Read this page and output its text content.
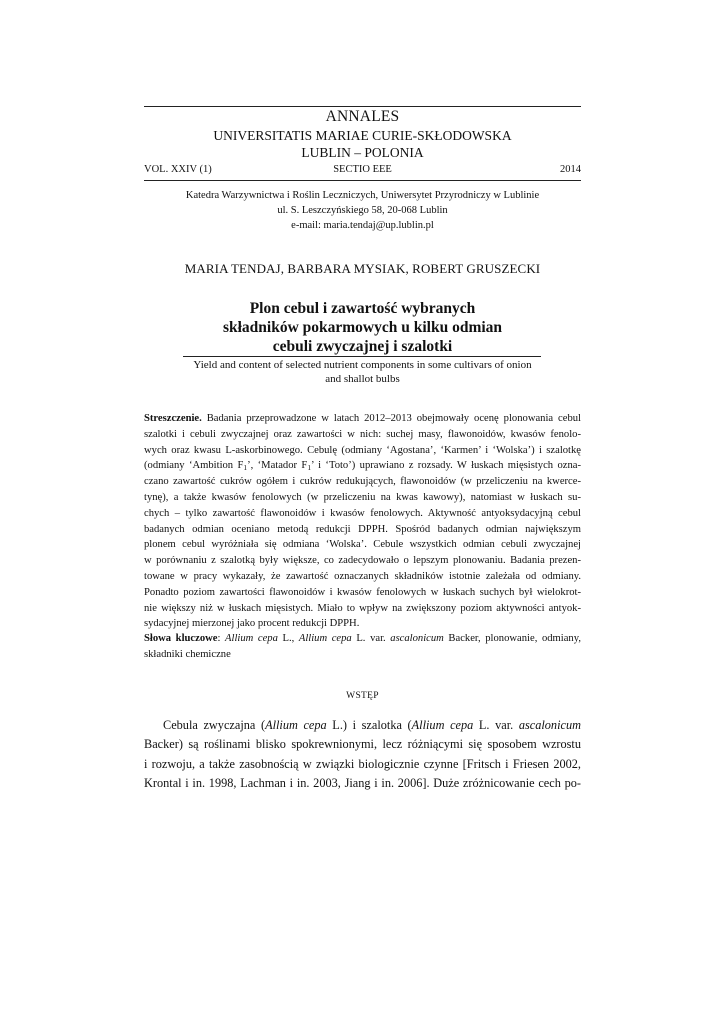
ANNALES
UNIVERSITATIS MARIAE CURIE-SKŁODOWSKA
LUBLIN – POLONIA
SECTIO EEE
VOL. XXIV (1)	2014
Katedra Warzywnictwa i Roślin Leczniczych, Uniwersytet Przyrodniczy w Lublinie
ul. S. Leszczyńskiego 58, 20-068 Lublin
e-mail: maria.tendaj@up.lublin.pl
MARIA TENDAJ, BARBARA MYSIAK, ROBERT GRUSZECKI
Plon cebul i zawartość wybranych
składników pokarmowych u kilku odmian
cebuli zwyczajnej i szalotki
Yield and content of selected nutrient components in some cultivars of onion
and shallot bulbs
Streszczenie. Badania przeprowadzone w latach 2012–2013 obejmowały ocenę plonowania cebul
szalotki i cebuli zwyczajnej oraz zawartości w nich: suchej masy, flawonoidów, kwasów fenolo-
wych oraz kwasu L-askorbinowego. Cebulę (odmiany ‘Agostana’, ‘Karmen’ i ‘Wolska’) i szalotkę
(odmiany ‘Ambition $F_1$’, ‘Matador $F_1$’ i ‘Toto’) uprawiano z rozsady. W łuskach mięsistych ozna-
czano zawartość cukrów ogółem i cukrów redukujących, flawonoidów (w przeliczeniu na kwerce-
tynę), a także kwasów fenolowych (w przeliczeniu na kwas kawowy), natomiast w łuskach su-
chych – tylko zawartość flawonoidów i kwasów fenolowych. Aktywność antyoksydacyjną cebul
badanych odmian oceniano metodą redukcji DPPH. Spośród badanych odmian największym
plonem cebul wyróżniała się odmiana ‘Wolska’. Cebule wszystkich odmian cebuli zwyczajnej
w porównaniu z szalotką były większe, co zadecydowało o lepszym plonowaniu. Badania prezen-
towane w pracy wykazały, że zawartość oznaczanych składników istotnie zależała od odmiany.
Ponadto poziom zawartości flawonoidów i kwasów fenolowych w łuskach suchych był wielokrot-
nie większy niż w łuskach mięsistych. Miało to wpływ na zwiększony poziom aktywności antyok-
sydacyjnej mierzonej jako procent redukcji DPPH.
Słowa kluczowe: Allium cepa L., Allium cepa L. var. ascalonicum Backer, plonowanie, odmiany,
składniki chemiczne
WSTĘP
Cebula zwyczajna (Allium cepa L.) i szalotka (Allium cepa L. var. ascalonicum
Backer) są roślinami blisko spokrewnionymi, lecz różniącymi się sposobem wzrostu
i rozwoju, a także zasobnością w związki biologicznie czynne [Fritsch i Friesen 2002,
Krontal i in. 1998, Lachman i in. 2003, Jiang i in. 2006]. Duże zróżnicowanie cech po-
